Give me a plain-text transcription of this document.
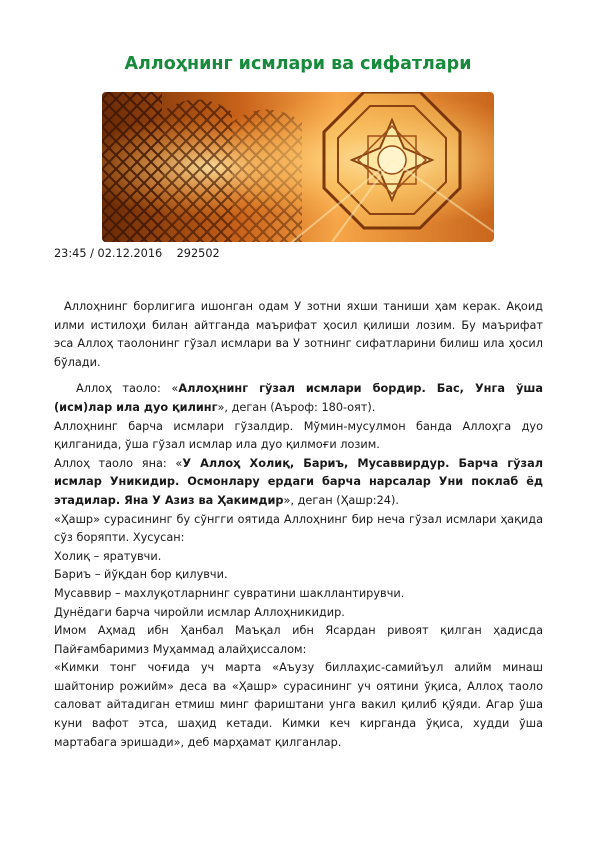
Аллоҳнинг исмлари ва сифатлари
23:45 / 02.12.2016 292502

Аллоҳнинг борлигига ишонган одам У зотни яхши таниши ҳам керак. Ақоид илми истилоҳи билан айтганда маърифат ҳосил қилиши лозим. Бу маърифат эса Аллоҳ таолонинг гўзал исмлари ва У зотнинг сифатларини билиш ила ҳосил бўлади.

Аллоҳ таоло: «Аллоҳнинг гўзал исмлари бордир. Бас, Унга ўша (исм)лар ила дуо қилинг», деган (Аъроф: 180-оят).

Аллоҳнинг барча исмлари гўзалдир. Мўмин-мусулмон банда Аллоҳга дуо қилганида, ўша гўзал исмлар ила дуо қилмоғи лозим.

Аллоҳ таоло яна: «У Аллоҳ Холиқ, Бариъ, Мусаввирдур. Барча гўзал исмлар Уникидир. Осмонлару ердаги барча нарсалар Уни поклаб ёд этадилар. Яна У Азиз ва Ҳакимдир», деган (Ҳашр:24).

«Ҳашр» сурасининг бу сўнгги оятида Аллоҳнинг бир неча гўзал исмлари ҳақида сўз боряпти. Хусусан:

Холиқ – яратувчи.

Бариъ – йўқдан бор қилувчи.

Мусаввир – махлуқотларнинг сувратини шакллантирувчи.

Дунёдаги барча чиройли исмлар Аллоҳникидир.

Имом Аҳмад ибн Ҳанбал Маъқал ибн Ясардан ривоят қилган ҳадисда Пайғамбаримиз Муҳаммад алайҳиссалом:

«Кимки тонг чоғида уч марта «Аъузу биллаҳис-самийъул алийм минаш шайтонир рожийм» деса ва «Ҳашр» сурасининг уч оятини ўқиса, Аллоҳ таоло саловат айтадиган етмиш минг фариштани унга вакил қилиб қўяди. Агар ўша куни вафот этса, шаҳид кетади. Кимки кеч кирганда ўқиса, худди ўша мартабага эришади», деб марҳамат қилганлар.
